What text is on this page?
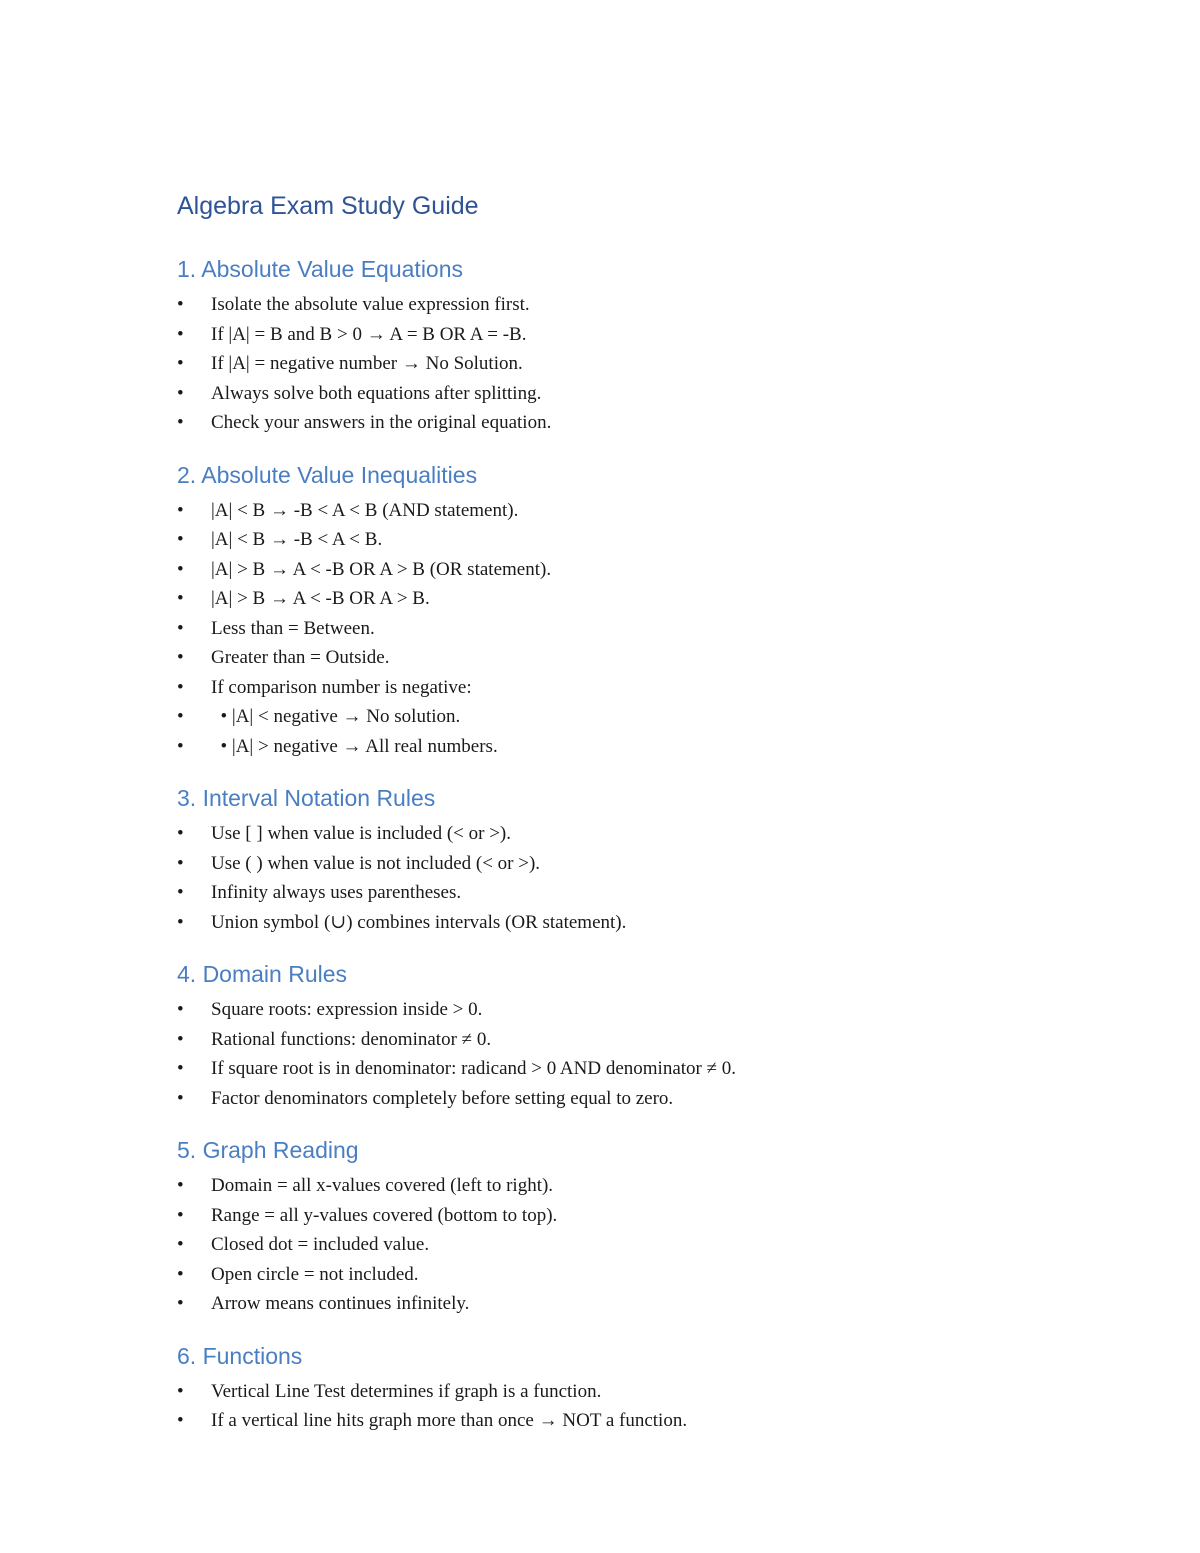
Algebra Exam Study Guide
1. Absolute Value Equations
• Isolate the absolute value expression first.
• If |A| = B and B > 0 → A = B OR A = -B.
• If |A| = negative number → No Solution.
• Always solve both equations after splitting.
• Check your answers in the original equation.
2. Absolute Value Inequalities
• |A| < B → -B < A < B (AND statement).
• |A| < B → -B < A < B.
• |A| > B → A < -B OR A > B (OR statement).
• |A| > B → A < -B OR A > B.
• Less than = Between.
• Greater than = Outside.
• If comparison number is negative:
• • |A| < negative → No solution.
• • |A| > negative → All real numbers.
3. Interval Notation Rules
• Use [ ] when value is included (< or >).
• Use ( ) when value is not included (< or >).
• Infinity always uses parentheses.
• Union symbol (∪) combines intervals (OR statement).
4. Domain Rules
• Square roots: expression inside > 0.
• Rational functions: denominator ≠ 0.
• If square root is in denominator: radicand > 0 AND denominator ≠ 0.
• Factor denominators completely before setting equal to zero.
5. Graph Reading
• Domain = all x-values covered (left to right).
• Range = all y-values covered (bottom to top).
• Closed dot = included value.
• Open circle = not included.
• Arrow means continues infinitely.
6. Functions
• Vertical Line Test determines if graph is a function.
• If a vertical line hits graph more than once → NOT a function.
